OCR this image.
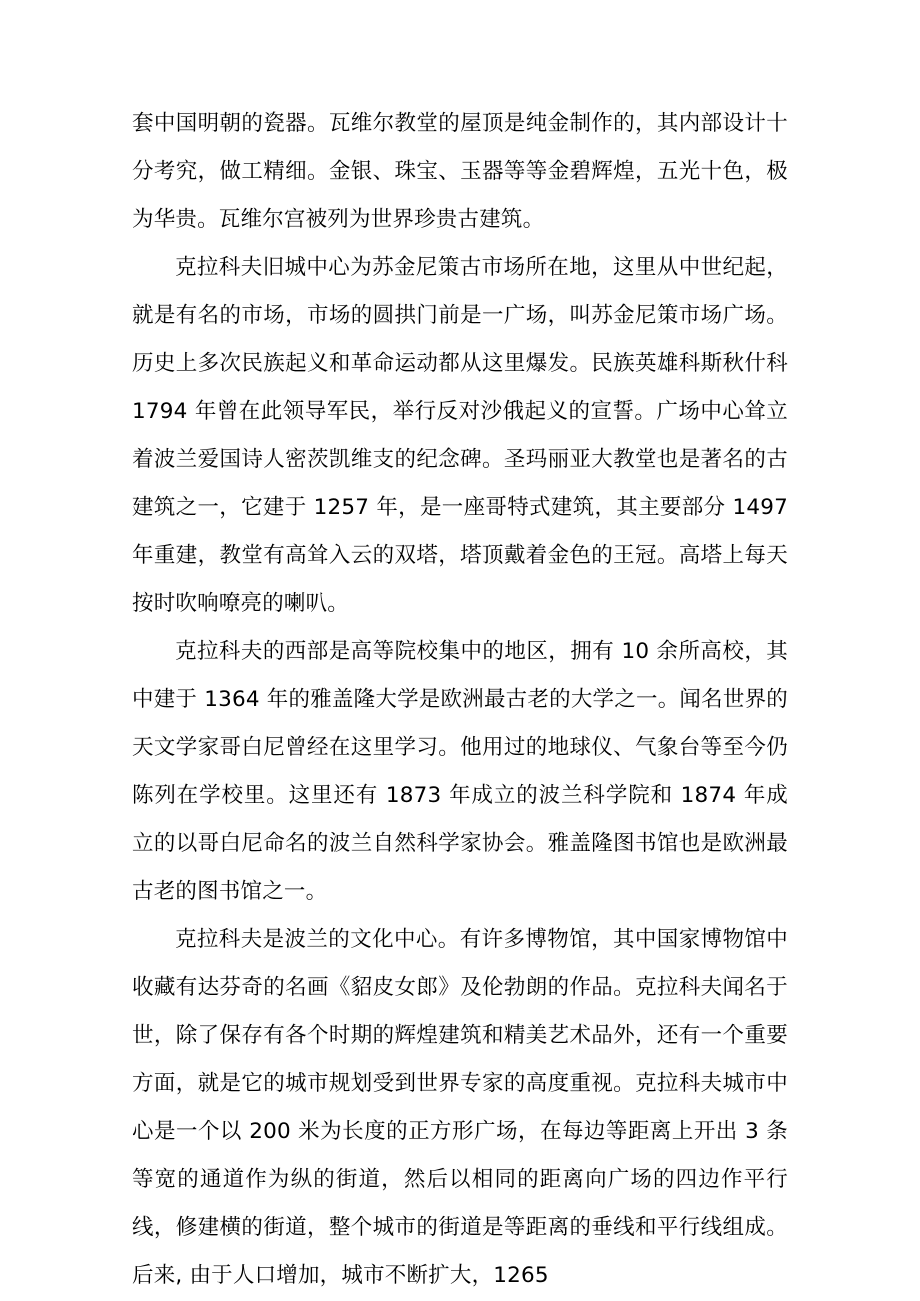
套中国明朝的瓷器。瓦维尔教堂的屋顶是纯金制作的，其内部设计十分考究，做工精细。金银、珠宝、玉器等等金碧辉煌，五光十色，极为华贵。瓦维尔宫被列为世界珍贵古建筑。

克拉科夫旧城中心为苏金尼策古市场所在地，这里从中世纪起，就是有名的市场，市场的圆拱门前是一广场，叫苏金尼策市场广场。历史上多次民族起义和革命运动都从这里爆发。民族英雄科斯秋什科 1794 年曾在此领导军民，举行反对沙俄起义的宣誓。广场中心耸立着波兰爱国诗人密茨凯维支的纪念碑。圣玛丽亚大教堂也是著名的古建筑之一，它建于 1257 年，是一座哥特式建筑，其主要部分 1497 年重建，教堂有高耸入云的双塔，塔顶戴着金色的王冠。高塔上每天按时吹响嘹亮的喇叭。

克拉科夫的西部是高等院校集中的地区，拥有 10 余所高校，其中建于 1364 年的雅盖隆大学是欧洲最古老的大学之一。闻名世界的天文学家哥白尼曾经在这里学习。他用过的地球仪、气象台等至今仍陈列在学校里。这里还有 1873 年成立的波兰科学院和 1874 年成立的以哥白尼命名的波兰自然科学家协会。雅盖隆图书馆也是欧洲最古老的图书馆之一。

克拉科夫是波兰的文化中心。有许多博物馆，其中国家博物馆中收藏有达芬奇的名画《貂皮女郎》及伦勃朗的作品。克拉科夫闻名于世，除了保存有各个时期的辉煌建筑和精美艺术品外，还有一个重要方面，就是它的城市规划受到世界专家的高度重视。克拉科夫城市中心是一个以 200 米为长度的正方形广场，在每边等距离上开出 3 条等宽的通道作为纵的街道，然后以相同的距离向广场的四边作平行线，修建横的街道，整个城市的街道是等距离的垂线和平行线组成。后来, 由于人口增加，城市不断扩大，1265
